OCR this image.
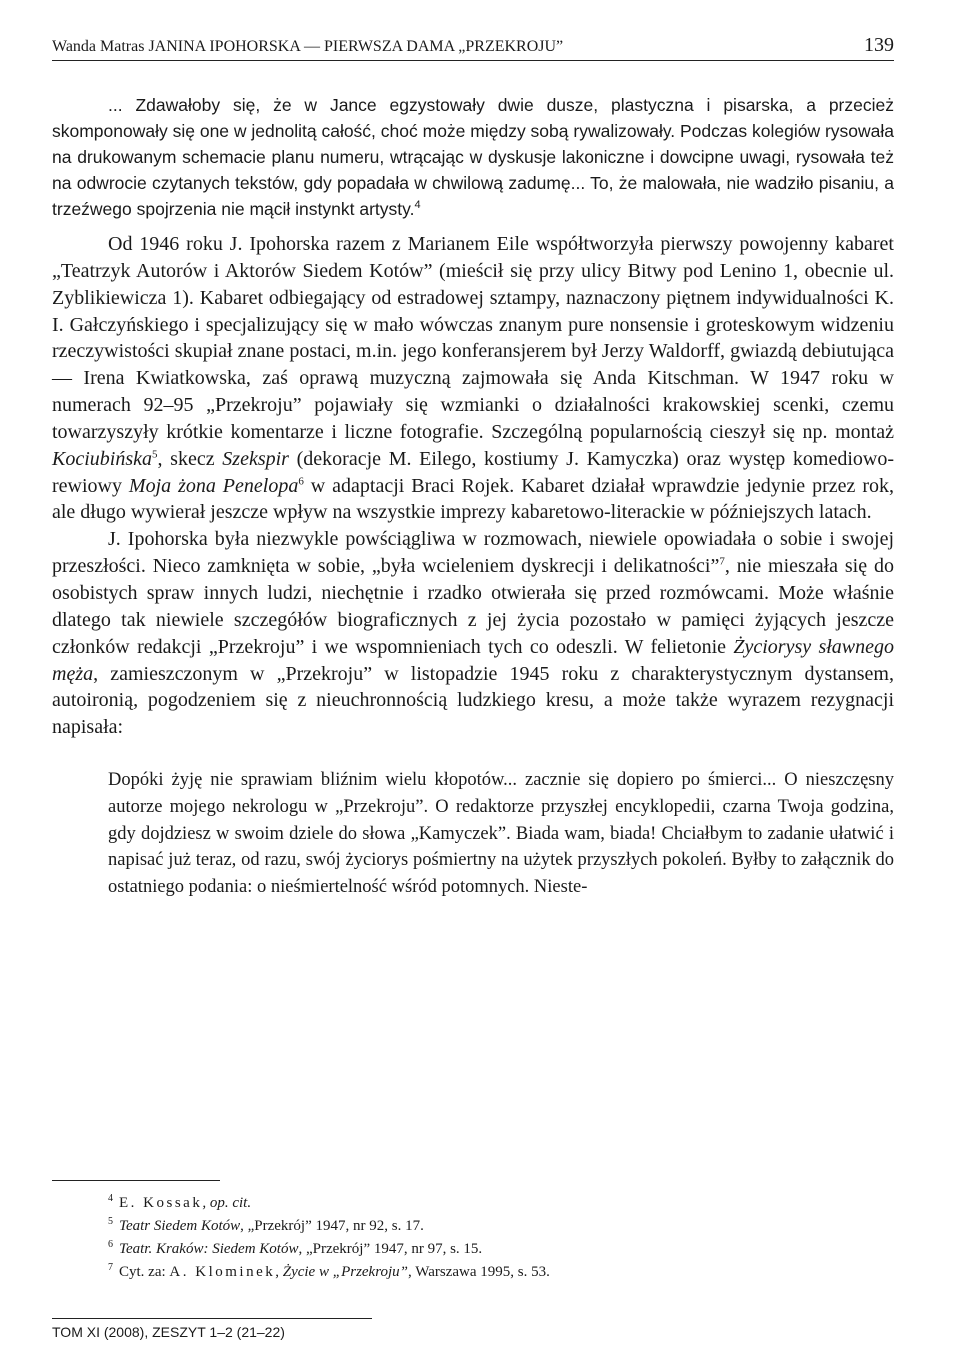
Wanda Matras JANINA IPOHORSKA — PIERWSZA DAMA „PRZEKROJU”	139

... Zdawałoby się, że w Jance egzystowały dwie dusze, plastyczna i pisarska, a przecież skomponowały się one w jednolitą całość, choć może między sobą rywalizowały. Podczas kolegiów rysowała na drukowanym schemacie planu numeru, wtrącając w dyskusje lakoniczne i dowcipne uwagi, rysowała też na odwrocie czytanych tekstów, gdy popadała w chwilową zadumę... To, że malowała, nie wadziło pisaniu, a trzeźwego spojrzenia nie mącił instynkt artysty.$^4$

Od 1946 roku J. Ipohorska razem z Marianem Eile współtworzyła pierwszy powojenny kabaret „Teatrzyk Autorów i Aktorów Siedem Kotów” (mieścił się przy ulicy Bitwy pod Lenino 1, obecnie ul. Zyblikiewicza 1). Kabaret odbiegający od estradowej sztampy, naznaczony piętnem indywidualności K. I. Gałczyńskiego i specjalizujący się w mało wówczas znanym pure nonsensie i groteskowym widzeniu rzeczywistości skupiał znane postaci, m.in. jego konferansjerem był Jerzy Waldorff, gwiazdą debiutująca — Irena Kwiatkowska, zaś oprawą muzyczną zajmowała się Anda Kitschman. W 1947 roku w numerach 92–95 „Przekroju” pojawiały się wzmianki o działalności krakowskiej scenki, czemu towarzyszyły krótkie komentarze i liczne fotografie. Szczególną popularnością cieszył się np. montaż Kociubińska$^5$, skecz Szekspir (dekoracje M. Eilego, kostiumy J. Kamyczka) oraz występ komediowo-rewiowy Moja żona Penelopa$^6$ w adaptacji Braci Rojek. Kabaret działał wprawdzie jedynie przez rok, ale długo wywierał jeszcze wpływ na wszystkie imprezy kabaretowo-literackie w późniejszych latach.

J. Ipohorska była niezwykle powściągliwa w rozmowach, niewiele opowiadała o sobie i swojej przeszłości. Nieco zamknięta w sobie, „była wcieleniem dyskrecji i delikatności”$^7$, nie mieszała się do osobistych spraw innych ludzi, niechętnie i rzadko otwierała się przed rozmówcami. Może właśnie dlatego tak niewiele szczegółów biograficznych z jej życia pozostało w pamięci żyjących jeszcze członków redakcji „Przekroju” i we wspomnieniach tych co odeszli. W felietonie Życiorysy sławnego męża, zamieszczonym w „Przekroju” w listopadzie 1945 roku z charakterystycznym dystansem, autoironią, pogodzeniem się z nieuchronnością ludzkiego kresu, a może także wyrazem rezygnacji napisała:

Dopóki żyję nie sprawiam bliźnim wielu kłopotów... zacznie się dopiero po śmierci... O nieszczęsny autorze mojego nekrologu w „Przekroju”. O redaktorze przyszłej encyklopedii, czarna Twoja godzina, gdy dojdziesz w swoim dziele do słowa „Kamyczek”. Biada wam, biada! Chciałbym to zadanie ułatwić i napisać już teraz, od razu, swój życiorys pośmiertny na użytek przyszłych pokoleń. Byłby to załącznik do ostatniego podania: o nieśmiertelność wśród potomnych. Nieste-

$^4$ E. Kossak, op. cit.

$^5$ Teatr Siedem Kotów, „Przekrój” 1947, nr 92, s. 17.

$^6$ Teatr. Kraków: Siedem Kotów, „Przekrój” 1947, nr 97, s. 15.

$^7$ Cyt. za: A. Klominek, Życie w „Przekroju”, Warszawa 1995, s. 53.

TOM XI (2008), ZESZYT 1–2 (21–22)
